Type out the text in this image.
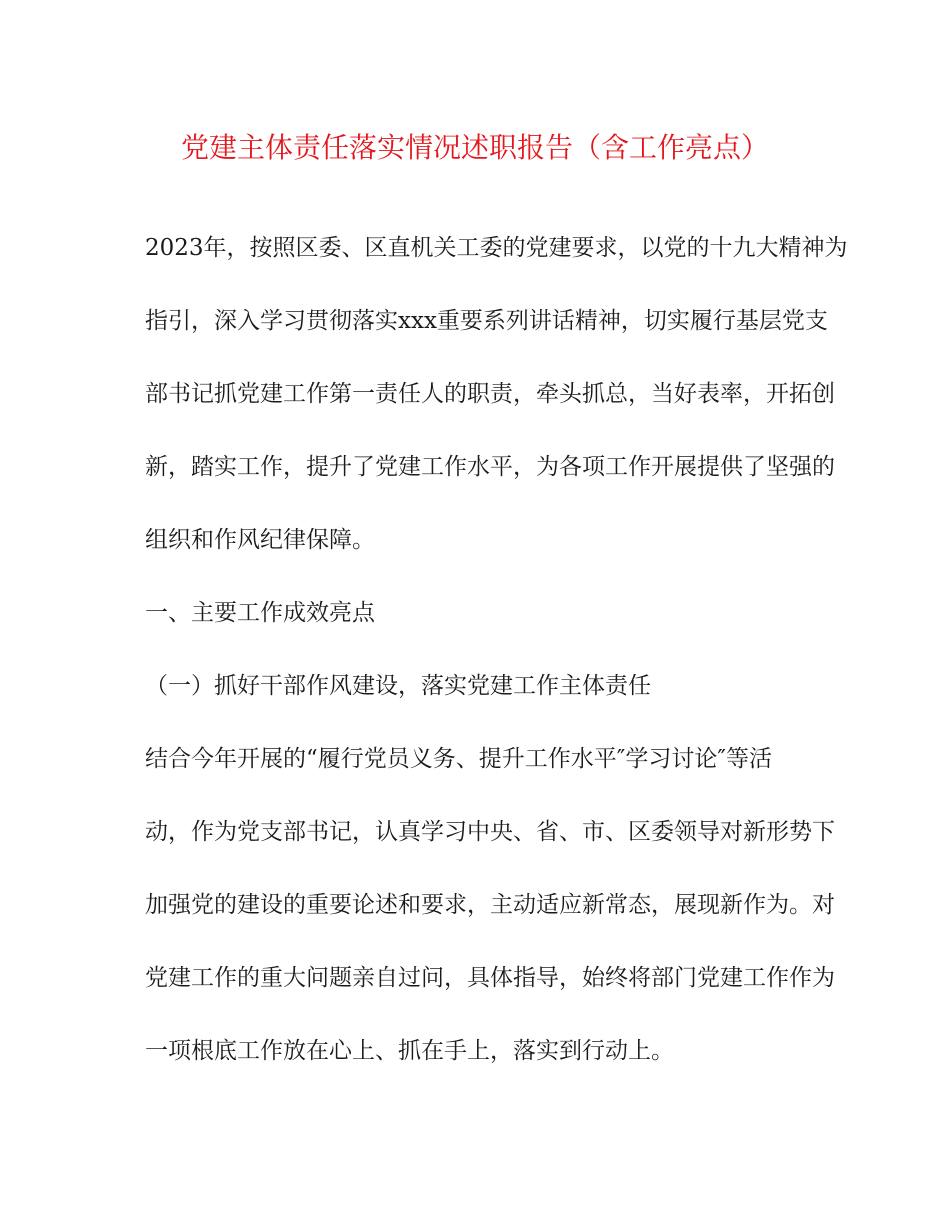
党建主体责任落实情况述职报告（含工作亮点）
2023年，按照区委、区直机关工委的党建要求，以党的十九大精神为
指引，深入学习贯彻落实xxx重要系列讲话精神，切实履行基层党支
部书记抓党建工作第一责任人的职责，牵头抓总，当好表率，开拓创
新，踏实工作，提升了党建工作水平，为各项工作开展提供了坚强的
组织和作风纪律保障。
一、主要工作成效亮点
（一）抓好干部作风建设，落实党建工作主体责任
结合今年开展的“履行党员义务、提升工作水平″学习讨论″等活
动，作为党支部书记，认真学习中央、省、市、区委领导对新形势下
加强党的建设的重要论述和要求，主动适应新常态，展现新作为。对
党建工作的重大问题亲自过问，具体指导，始终将部门党建工作作为
一项根底工作放在心上、抓在手上，落实到行动上。
